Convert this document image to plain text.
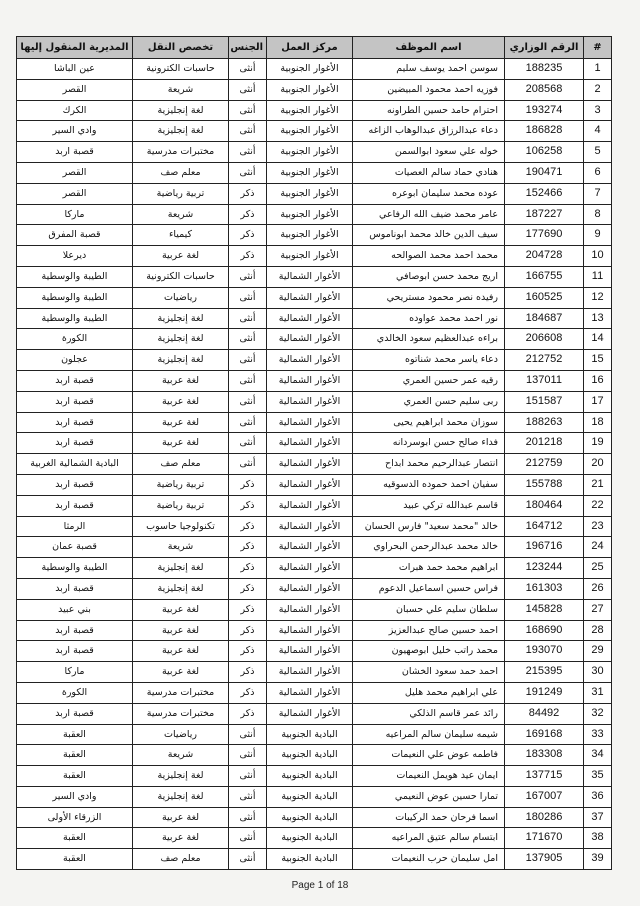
#	الرقم الوزاري	اسم الموظف	مركز العمل	الجنس	تخصص النقل	المديرية المنقول إليها
1	188235	سوسن احمد يوسف سليم	الأغوار الجنوبية	أنثى	حاسبات الكترونية	عين الباشا
2	208568	فوزيه احمد محمود المبيضين	الأغوار الجنوبية	أنثى	شريعة	القصر
3	193274	احترام حامد حسين الطراونه	الأغوار الجنوبية	أنثى	لغة إنجليزية	الكرك
4	186828	دعاء عبدالرزاق عبدالوهاب الزاغه	الأغوار الجنوبية	أنثى	لغة إنجليزية	وادي السير
5	106258	خوله علي سعود ابوالسمن	الأغوار الجنوبية	أنثى	مختبرات مدرسية	قصبة اربد
6	190471	هنادي حماد سالم العصيات	الأغوار الجنوبية	أنثى	معلم صف	القصر
7	152466	عوده محمد سليمان ابوعره	الأغوار الجنوبية	ذكر	تربية رياضية	القصر
8	187227	عامر محمد ضيف الله الرفاعي	الأغوار الجنوبية	ذكر	شريعة	ماركا
9	177690	سيف الدين خالد محمد ابوناموس	الأغوار الجنوبية	ذكر	كيمياء	قصبة المفرق
10	204728	محمد احمد محمد الصوالحه	الأغوار الجنوبية	ذكر	لغة عربية	ديرعلا
11	166755	اريج محمد حسن ابوصافي	الأغوار الشمالية	أنثى	حاسبات الكترونية	الطيبة والوسطية
12	160525	رفيده نصر محمود مستريحي	الأغوار الشمالية	أنثى	رياضيات	الطيبة والوسطية
13	184687	نور احمد محمد عواوده	الأغوار الشمالية	أنثى	لغة إنجليزية	الطيبة والوسطية
14	206608	براءه عبدالعظيم سعود الخالدي	الأغوار الشمالية	أنثى	لغة إنجليزية	الكورة
15	212752	دعاء ياسر محمد شناتوه	الأغوار الشمالية	أنثى	لغة إنجليزية	عجلون
16	137011	رقيه عمر حسين العمري	الأغوار الشمالية	أنثى	لغة عربية	قصبة اربد
17	151587	ربى سليم حسن العمري	الأغوار الشمالية	أنثى	لغة عربية	قصبة اربد
18	188263	سوزان محمد ابراهيم يحيى	الأغوار الشمالية	أنثى	لغة عربية	قصبة اربد
19	201218	فداء صالح حسن ابوسردانه	الأغوار الشمالية	أنثى	لغة عربية	قصبة اربد
20	212759	انتصار عبدالرحيم محمد ابداح	الأغوار الشمالية	أنثى	معلم صف	البادية الشمالية الغربية
21	155788	سفيان احمد حموده الدسوقيه	الأغوار الشمالية	ذكر	تربية رياضية	قصبة اربد
22	180464	قاسم عبدالله تركي عبيد	الأغوار الشمالية	ذكر	تربية رياضية	قصبة اربد
23	164712	خالد "محمد سعيد" فارس الحسان	الأغوار الشمالية	ذكر	تكنولوجيا حاسوب	الرمثا
24	196716	خالد محمد عبدالرحمن البحراوي	الأغوار الشمالية	ذكر	شريعة	قصبة عمان
25	123244	ابراهيم محمد حمد هبرات	الأغوار الشمالية	ذكر	لغة إنجليزية	الطيبة والوسطية
26	161303	فراس حسين اسماعيل الدعوم	الأغوار الشمالية	ذكر	لغة إنجليزية	قصبة اربد
27	145828	سلطان سليم علي حسبان	الأغوار الشمالية	ذكر	لغة عربية	بني عبيد
28	168690	احمد حسين صالح عبدالعزيز	الأغوار الشمالية	ذكر	لغة عربية	قصبة اربد
29	193070	محمد راتب خليل ابوصهيون	الأغوار الشمالية	ذكر	لغة عربية	قصبة اربد
30	215395	احمد حمد سعود الخشان	الأغوار الشمالية	ذكر	لغة عربية	ماركا
31	191249	علي ابراهيم محمد هليل	الأغوار الشمالية	ذكر	مختبرات مدرسية	الكورة
32	84492	رائد عمر قاسم الذلكي	الأغوار الشمالية	ذكر	مختبرات مدرسية	قصبة اربد
33	169168	شيمه سليمان سالم المراعيه	البادية الجنوبية	أنثى	رياضيات	العقبة
34	183308	فاطمه عوض علي النعيمات	البادية الجنوبية	أنثى	شريعة	العقبة
35	137715	ايمان عيد هويمل النعيمات	البادية الجنوبية	أنثى	لغة إنجليزية	العقبة
36	167007	تمارا حسين عوض النعيمي	البادية الجنوبية	أنثى	لغة إنجليزية	وادي السير
37	180286	اسما فرحان حمد الركيبات	البادية الجنوبية	أنثى	لغة عربية	الزرقاء الأولى
38	171670	ابتسام سالم عتيق المراعيه	البادية الجنوبية	أنثى	لغة عربية	العقبة
39	137905	امل سليمان حرب النعيمات	البادية الجنوبية	أنثى	معلم صف	العقبة
Page 1 of 18
